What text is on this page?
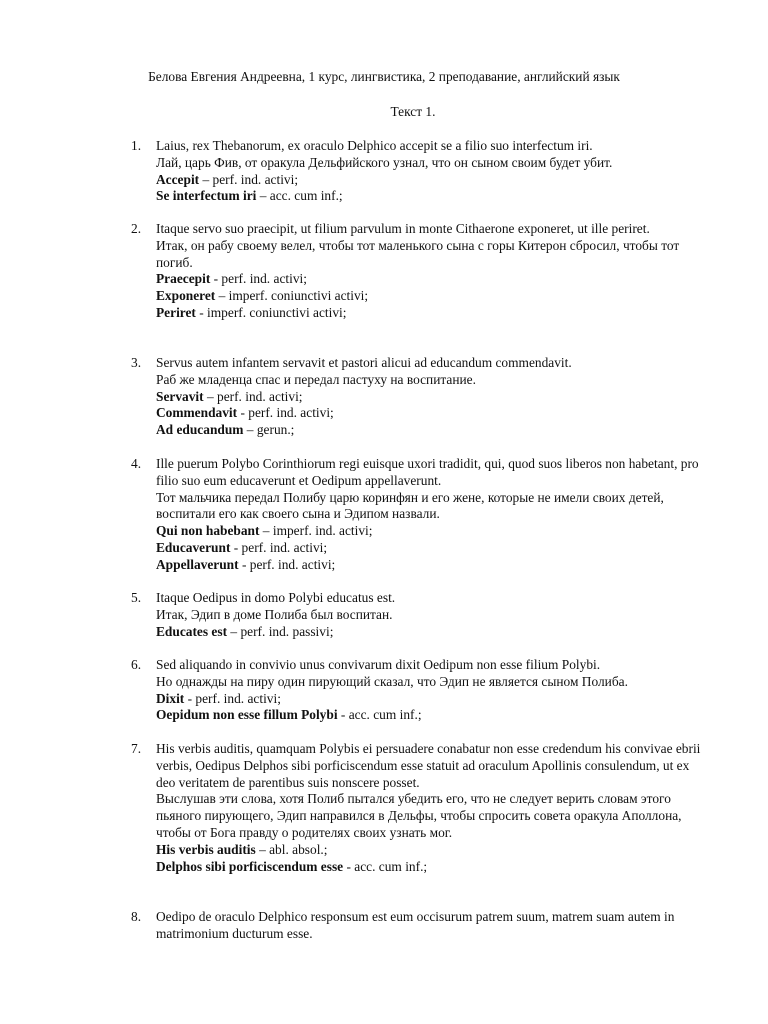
Белова Евгения Андреевна, 1 курс, лингвистика, 2 преподавание, английский язык
Текст 1.
1. Laius, rex Thebanorum, ex oraculo Delphico accepit se a filio suo interfectum iri.
Лай, царь Фив, от оракула Дельфийского узнал, что он сыном своим будет убит.
Accepit – perf. ind. activi;
Se interfectum iri – acc. cum inf.;
2. Itaque servo suo praecipit, ut filium parvulum in monte Cithaerone exponeret, ut ille periret.
Итак, он рабу своему велел, чтобы тот маленького сына с горы Китерон сбросил, чтобы тот погиб.
Praecepit - perf. ind. activi;
Exponeret – imperf. coniunctivi activi;
Periret - imperf. coniunctivi activi;
3. Servus autem infantem servavit et pastori alicui ad educandum commendavit.
Раб же младенца спас и передал пастуху на воспитание.
Servavit – perf. ind. activi;
Commendavit - perf. ind. activi;
Ad educandum – gerun.;
4. Ille puerum Polybo Corinthiorum regi euisque uxori tradidit, qui, quod suos liberos non habetant, pro filio suo eum educaverunt et Oedipum appellaverunt.
Тот мальчика передал Полибу царю коринфян и его жене, которые не имели своих детей, воспитали его как своего сына и Эдипом назвали.
Qui non habebant – imperf. ind. activi;
Educaverunt - perf. ind. activi;
Appellaverunt - perf. ind. activi;
5. Itaque Oedipus in domo Polybi educatus est.
Итак, Эдип в доме Полиба был воспитан.
Educates est – perf. ind. passivi;
6. Sed aliquando in convivio unus convivarum dixit Oedipum non esse filium Polybi.
Но однажды на пиру один пирующий сказал, что Эдип не является сыном Полиба.
Dixit - perf. ind. activi;
Oepidum non esse fillum Polybi - acc. cum inf.;
7. His verbis auditis, quamquam Polybis ei persuadere conabatur non esse credendum his convivae ebrii verbis, Oedipus Delphos sibi porficiscendum esse statuit ad oraculum Apollinis consulendum, ut ex deo veritatem de parentibus suis nonscere posset.
Выслушав эти слова, хотя Полиб пытался убедить его, что не следует верить словам этого пьяного пирующего, Эдип направился в Дельфы, чтобы спросить совета оракула Аполлона, чтобы от Бога правду о родителях своих узнать мог.
His verbis auditis – abl. absol.;
Delphos sibi porficiscendum esse - acc. cum inf.;
8. Oedipo de oraculo Delphico responsum est eum occisurum patrem suum, matrem suam autem in matrimonium ducturum esse.
